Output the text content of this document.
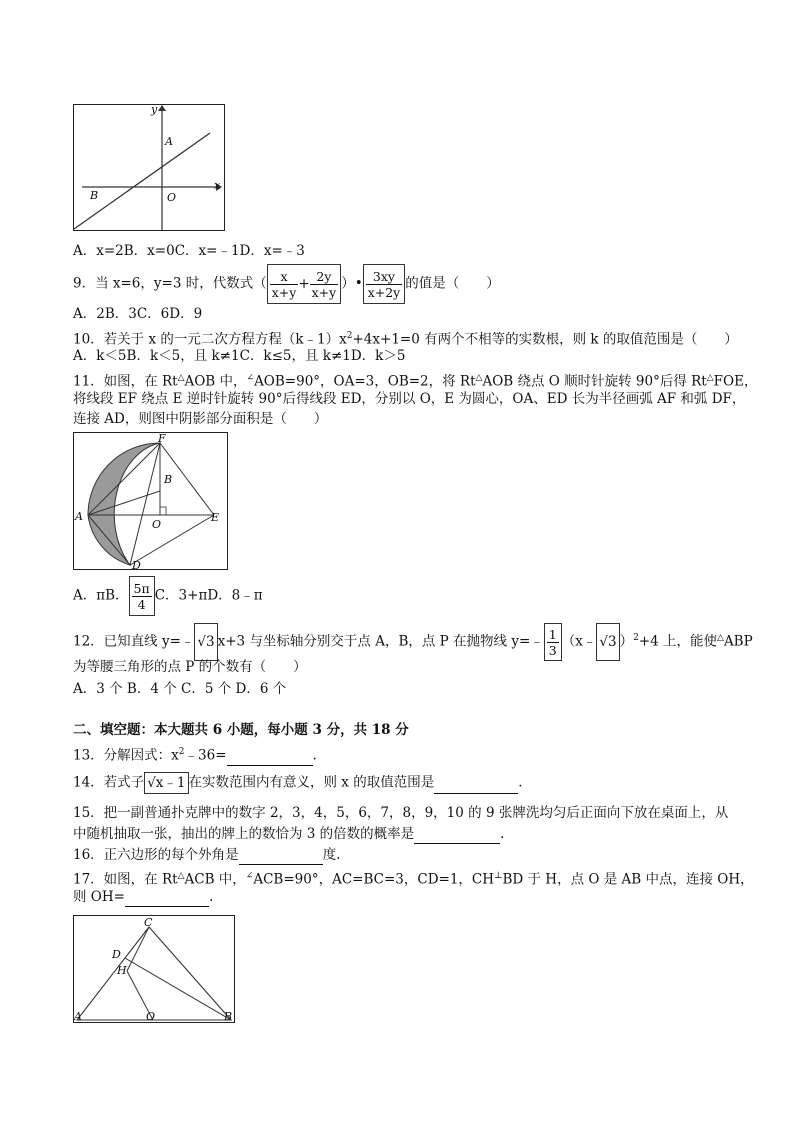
y
x
A
B	O
A．x=2B．x=0C．x=﹣1D．x=﹣3
9．当 x=6，y=3 时，代数式（ $\frac{x}{x+y} + \frac{2y}{x+y}$ ）• $\frac{3xy}{x+2y}$ 的值是（　　）
A．2B．3C．6D．9
10．若关于 x 的一元二次方程方程$(k﹣1)x^2+4x+1=0$ 有两个不相等的实数根，则 k 的取值范围是（　　）
A．k＜5B．k＜5，且 k≠1C．k≤5，且 k≠1D．k＞5
11．如图，在 Rt△AOB 中，∠AOB=90°，OA=3，OB=2，将 Rt△AOB 绕点 O 顺时针旋转 90°后得 Rt△FOE，
将线段 EF 绕点 E 逆时针旋转 90°后得线段 ED，分别以 O，E 为圆心，OA、ED 长为半径画弧 AF 和弧 DF，
连接 AD，则图中阴影部分面积是（　　）
F
B
A
O
E
D
A．πB． $\frac{5\pi}{4}$ C．3+πD．8﹣π
12．已知直线 y=﹣ √3 x+3 与坐标轴分别交于点 A，B，点 P 在抛物线 y=﹣ $\frac{1}{3}$ （x﹣ √3 ）$^2$+4 上，能使△ABP
为等腰三角形的点 P 的个数有（　　）
A．3 个 B．4 个 C．5 个 D．6 个
二、填空题：本大题共 6 小题，每小题 3 分，共 18 分
13．分解因式：$x^2﹣36=$	.
14．若式子 √x﹣1 在实数范围内有意义，则 x 的取值范围是	.
15．把一副普通扑克牌中的数字 2，3，4，5，6，7，8，9，10 的 9 张牌洗均匀后正面向下放在桌面上，从
中随机抽取一张，抽出的牌上的数恰为 3 的倍数的概率是	.
16．正六边形的每个外角是	度.
17．如图，在 Rt△ACB 中，∠ACB=90°，AC=BC=3，CD=1，CH⊥BD 于 H，点 O 是 AB 中点，连接 OH，
则 OH=	.
C
D
H
A	O	B
